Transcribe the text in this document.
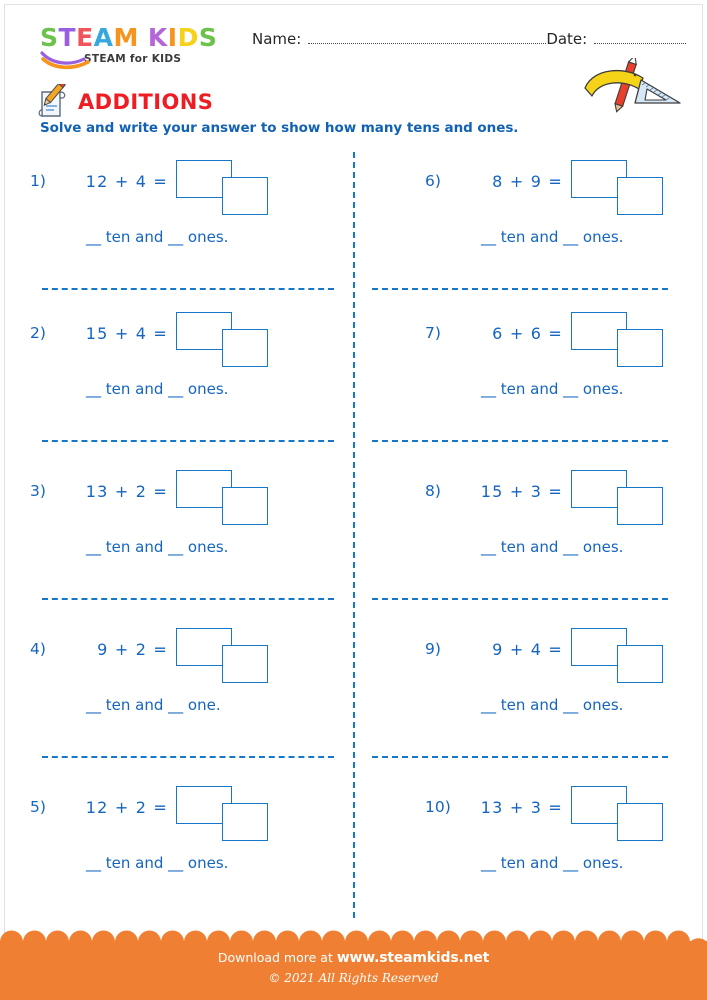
STEAM KIDS
STEAM for KIDS
Name:	Date:
ADDITIONS
Solve and write your answer to show how many tens and ones.
1)	12 + 4 =
__ ten and __ ones.
2)	15 + 4 =
__ ten and __ ones.
3)	13 + 2 =
__ ten and __ ones.
4)	9 + 2 =
__ ten and __ one.
5)	12 + 2 =
__ ten and __ ones.
6)	8 + 9 =
__ ten and __ ones.
7)	6 + 6 =
__ ten and __ ones.
8)	15 + 3 =
__ ten and __ ones.
9)	9 + 4 =
__ ten and __ ones.
10)	13 + 3 =
__ ten and __ ones.
Download more at www.steamkids.net
© 2021 All Rights Reserved
